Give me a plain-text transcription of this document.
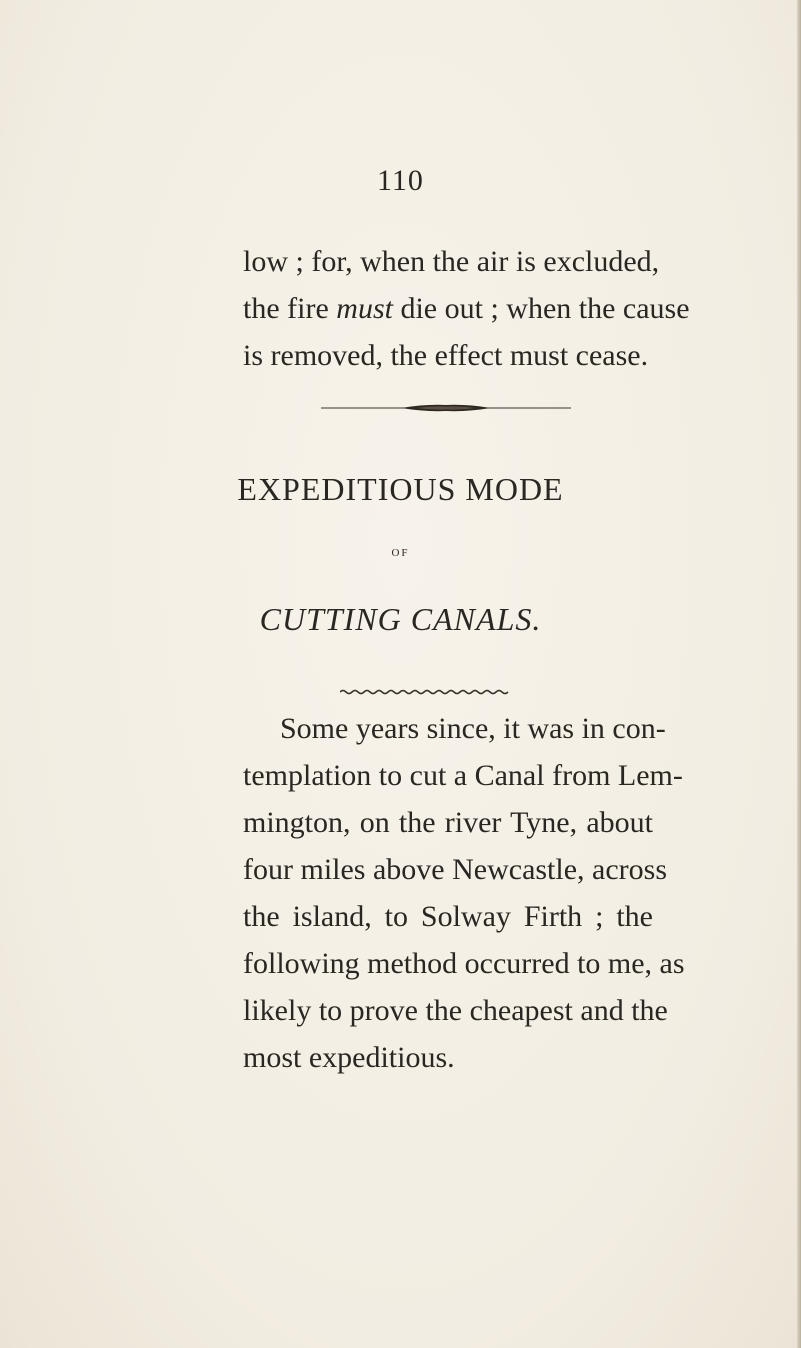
110
low ; for, when the air is excluded,
the fire must die out ; when the cause
is removed, the effect must cease.
EXPEDITIOUS MODE
OF
CUTTING CANALS.
Some years since, it was in con-
templation to cut a Canal from Lem-
mington, on the river Tyne, about
four miles above Newcastle, across
the island, to Solway Firth ; the
following method occurred to me, as
likely to prove the cheapest and the
most expeditious.
